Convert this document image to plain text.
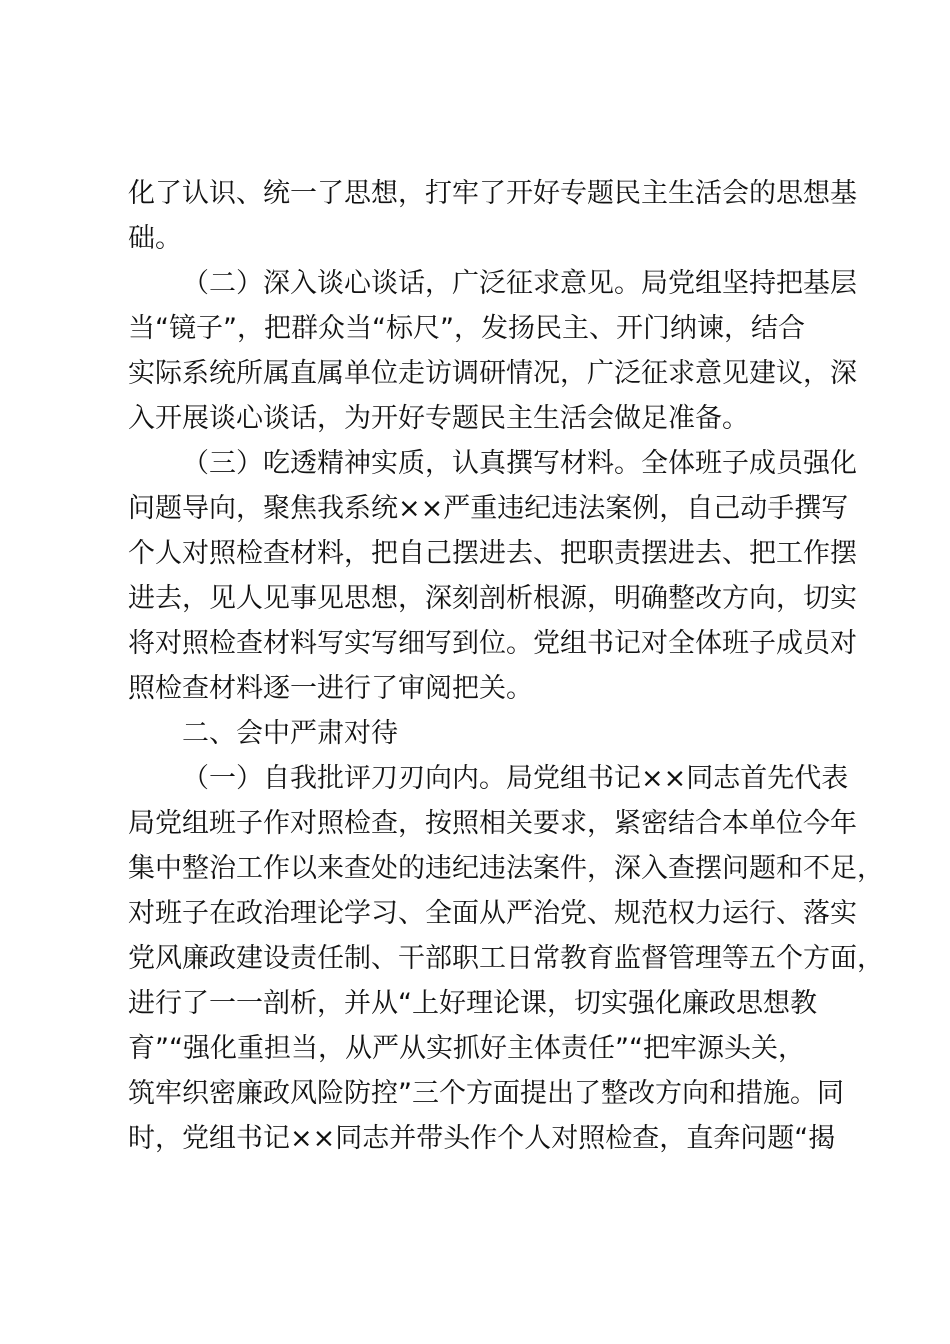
化了认识、统一了思想，打牢了开好专题民主生活会的思想基
础。
（二）深入谈心谈话，广泛征求意见。局党组坚持把基层
当“镜子”，把群众当“标尺”，发扬民主、开门纳谏，结合
实际系统所属直属单位走访调研情况，广泛征求意见建议，深
入开展谈心谈话，为开好专题民主生活会做足准备。
（三）吃透精神实质，认真撰写材料。全体班子成员强化
问题导向，聚焦我系统××严重违纪违法案例，自己动手撰写
个人对照检查材料，把自己摆进去、把职责摆进去、把工作摆
进去，见人见事见思想，深刻剖析根源，明确整改方向，切实
将对照检查材料写实写细写到位。党组书记对全体班子成员对
照检查材料逐一进行了审阅把关。
二、会中严肃对待
（一）自我批评刀刃向内。局党组书记××同志首先代表
局党组班子作对照检查，按照相关要求，紧密结合本单位今年
集中整治工作以来查处的违纪违法案件，深入查摆问题和不足，
对班子在政治理论学习、全面从严治党、规范权力运行、落实
党风廉政建设责任制、干部职工日常教育监督管理等五个方面，
进行了一一剖析，并从“上好理论课，切实强化廉政思想教
育”“强化重担当，从严从实抓好主体责任”“把牢源头关，
筑牢织密廉政风险防控”三个方面提出了整改方向和措施。同
时，党组书记××同志并带头作个人对照检查，直奔问题“揭
